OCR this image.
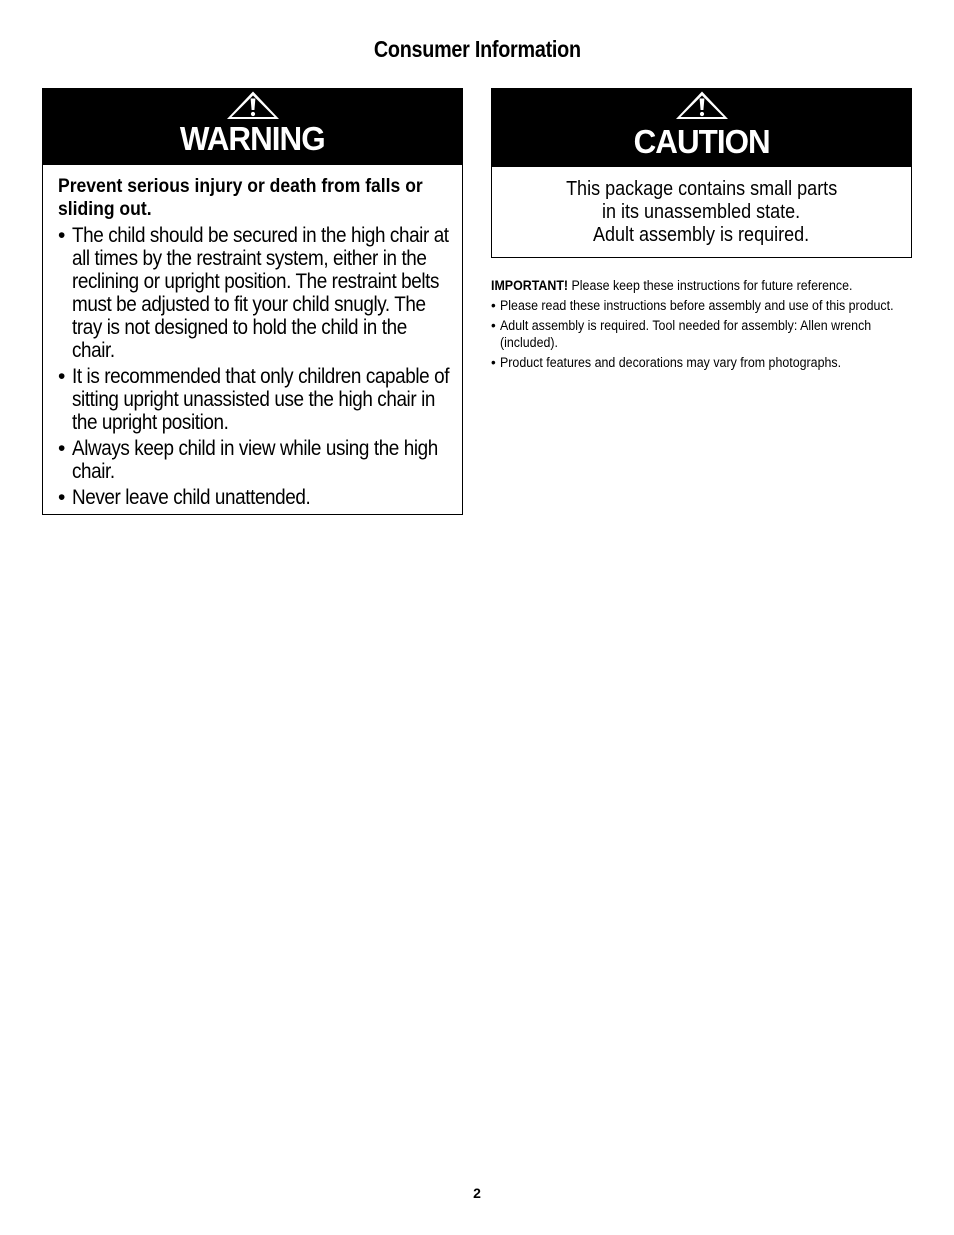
Consumer Information
WARNING
Prevent serious injury or death from falls or sliding out.
• The child should be secured in the high chair at all times by the restraint system, either in the reclining or upright position. The restraint belts must be adjusted to fit your child snugly. The tray is not designed to hold the child in the chair.
• It is recommended that only children capable of sitting upright unassisted use the high chair in the upright position.
• Always keep child in view while using the high chair.
• Never leave child unattended.
CAUTION
This package contains small parts
in its unassembled state.
Adult assembly is required.

IMPORTANT! Please keep these instructions for future reference.

• Please read these instructions before assembly and use of this product.
• Adult assembly is required. Tool needed for assembly: Allen wrench (included).
• Product features and decorations may vary from photographs.
2
